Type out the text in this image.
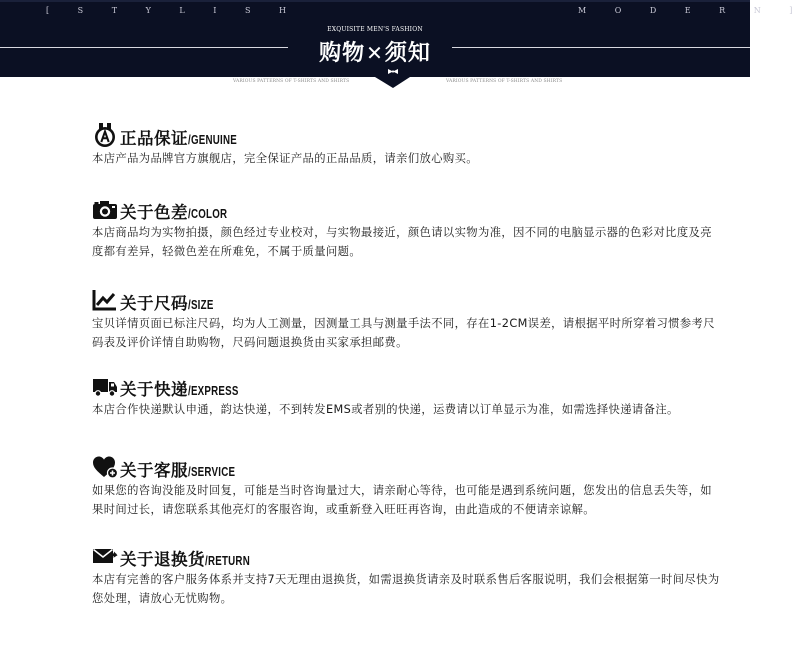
[ S T Y L I S H	M O D E R N ]
EXQUISITE MEN'S FASHION
购物✕须知
VARIOUS PATTERNS OF T-SHIRTS AND SHIRTS	VARIOUS PATTERNS OF T-SHIRTS AND SHIRTS
正品保证/GENUINE
本店产品为品牌官方旗舰店，完全保证产品的正品品质，请亲们放心购买。
关于色差/COLOR
本店商品均为实物拍摄，颜色经过专业校对，与实物最接近，颜色请以实物为准，因不同的电脑显示器的色彩对比度及亮度都有差异，轻微色差在所难免，不属于质量问题。
关于尺码/SIZE
宝贝详情页面已标注尺码，均为人工测量，因测量工具与测量手法不同，存在1-2CM误差，请根据平时所穿着习惯参考尺码表及评价详情自助购物，尺码问题退换货由买家承担邮费。
关于快递/EXPRESS
本店合作快递默认申通，韵达快递，不到转发EMS或者别的快递，运费请以订单显示为准，如需选择快递请备注。
关于客服/SERVICE
如果您的咨询没能及时回复，可能是当时咨询量过大，请亲耐心等待，也可能是遇到系统问题，您发出的信息丢失等，如果时间过长，请您联系其他亮灯的客服咨询，或重新登入旺旺再咨询，由此造成的不便请亲谅解。
关于退换货/RETURN
本店有完善的客户服务体系并支持7天无理由退换货，如需退换货请亲及时联系售后客服说明，我们会根据第一时间尽快为您处理，请放心无忧购物。
